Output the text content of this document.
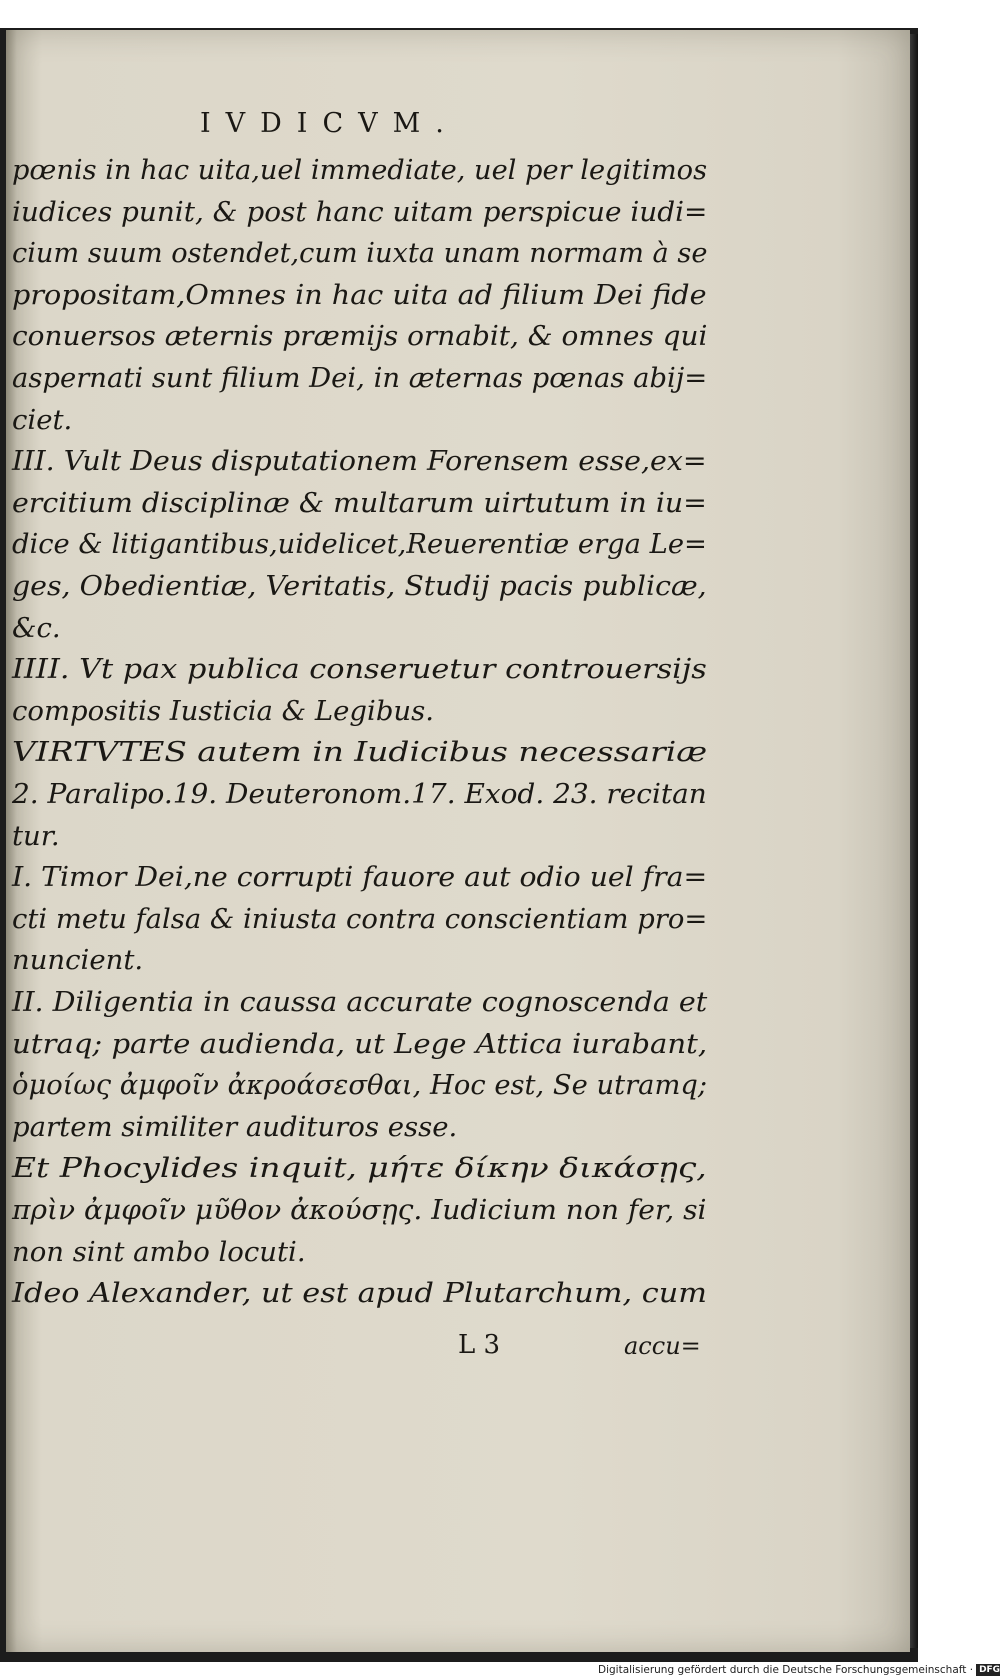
IVDICVM.
pœnis in hac uita,uel immediate, uel per legitimos
iudices punit, & post hanc uitam perspicue iudi=
cium suum ostendet,cum iuxta unam normam à se
propositam,Omnes in hac uita ad filium Dei fide
conuersos æternis præmijs ornabit, & omnes qui
aspernati sunt filium Dei, in æternas pœnas abij=
ciet.
III. Vult Deus disputationem Forensem esse,ex=
ercitium disciplinæ & multarum uirtutum in iu=
dice & litigantibus,uidelicet,Reuerentiæ erga Le=
ges, Obedientiæ, Veritatis, Studij pacis publicæ,
&c.
IIII. Vt pax publica conseruetur controuersijs
compositis Iusticia & Legibus.
VIRTVTES autem in Iudicibus necessariæ
2. Paralipo.19. Deuteronom.17. Exod. 23. recitan
tur.
I. Timor Dei,ne corrupti fauore aut odio uel fra=
cti metu falsa & iniusta contra conscientiam pro=
nuncient.
II. Diligentia in caussa accurate cognoscenda et
utraq; parte audienda, ut Lege Attica iurabant,
ὁμοίως ἀμφοῖν ἀκροάσεσθαι, Hoc est, Se utramq;
partem similiter audituros esse.
Et Phocylides inquit, μήτε δίκην δικάσῃς,
πρὶν ἀμφοῖν μῦθον ἀκούσῃς. Iudicium non fer, si
non sint ambo locuti.
Ideo Alexander, ut est apud Plutarchum, cum
L 3	accu=
Digitalisierung gefördert durch die Deutsche Forschungsgemeinschaft · DFG
